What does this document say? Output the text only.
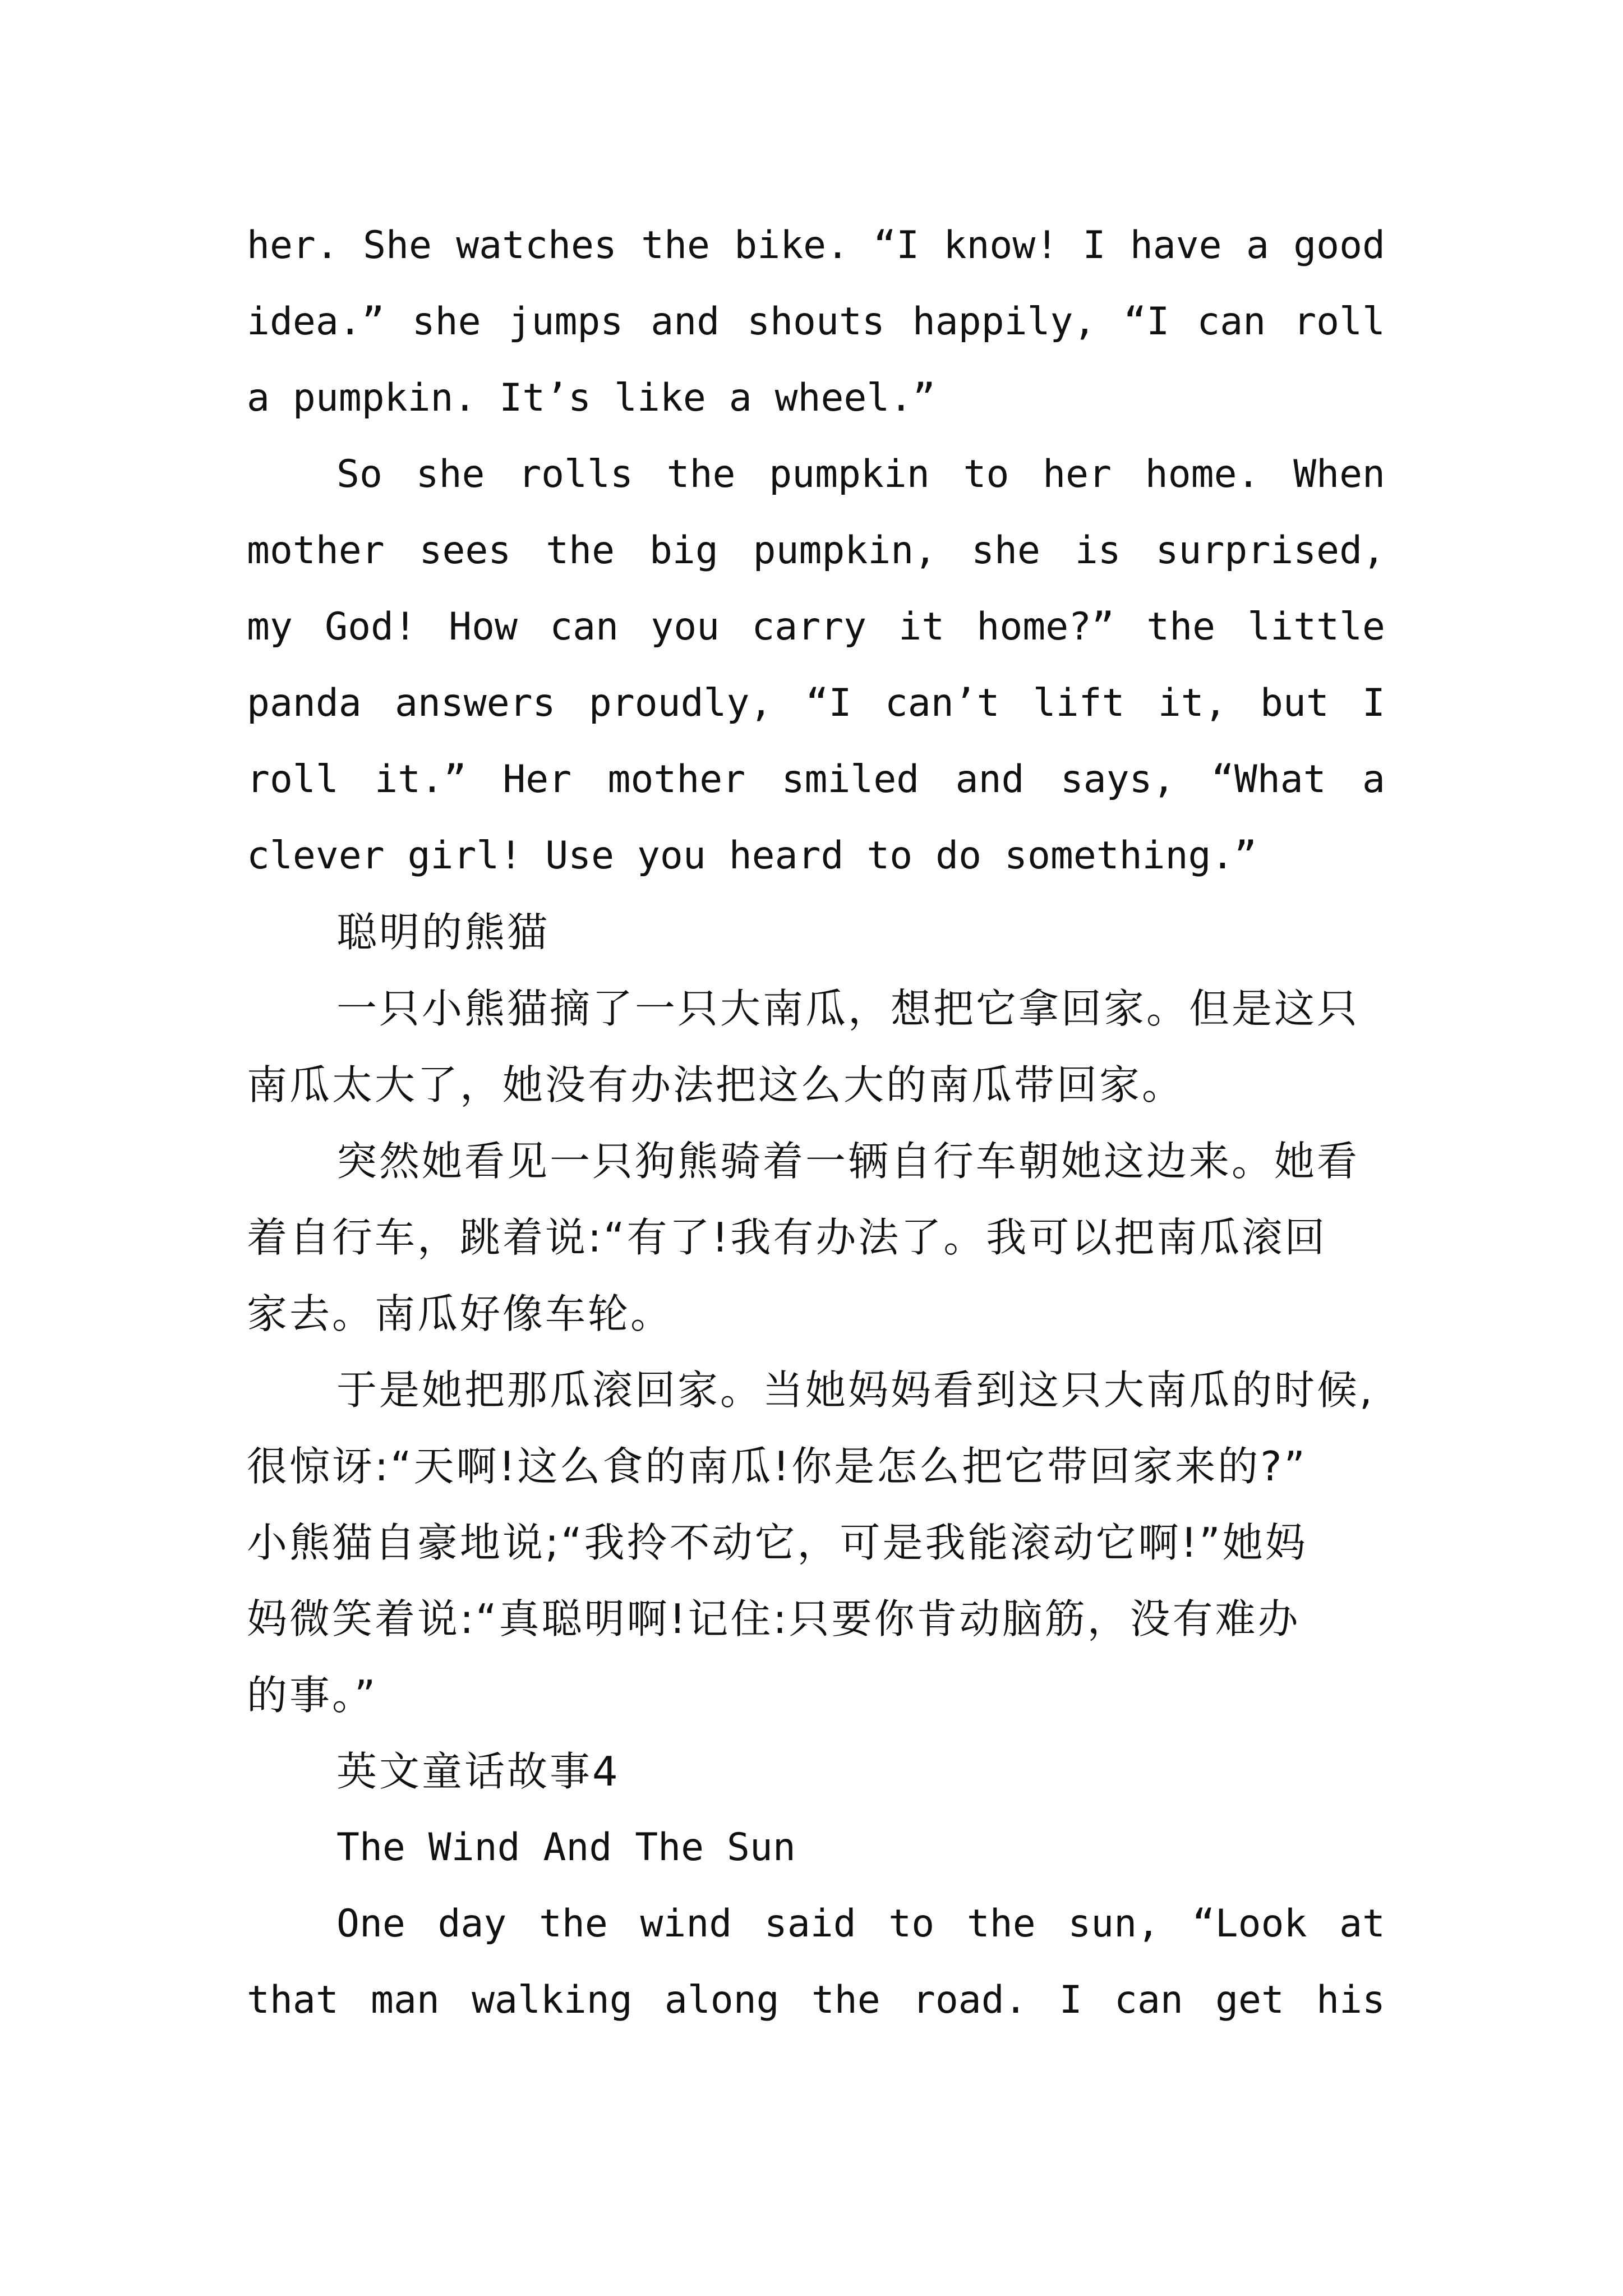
her. She watches the bike. “I know! I have a good
idea.” she jumps and shouts happily, “I can roll
a pumpkin. It’s like a wheel.”
So she rolls the pumpkin to her home. When
mother sees the big pumpkin, she is surprised,
my God! How can you carry it home?” the little
panda answers proudly, “I can’t lift it, but I
roll it.” Her mother smiled and says, “What a
clever girl! Use you heard to do something.”
聪明的熊猫
一只小熊猫摘了一只大南瓜，想把它拿回家。但是这只
南瓜太大了，她没有办法把这么大的南瓜带回家。
突然她看见一只狗熊骑着一辆自行车朝她这边来。她看
着自行车，跳着说:“有了!我有办法了。我可以把南瓜滚回
家去。南瓜好像车轮。
于是她把那瓜滚回家。当她妈妈看到这只大南瓜的时候,
很惊讶:“天啊!这么食的南瓜!你是怎么把它带回家来的?”
小熊猫自豪地说;“我拎不动它，可是我能滚动它啊!”她妈
妈微笑着说:“真聪明啊!记住:只要你肯动脑筋，没有难办
的事。”
英文童话故事4
The Wind And The Sun
One day the wind said to the sun, “Look at
that man walking along the road. I can get his
